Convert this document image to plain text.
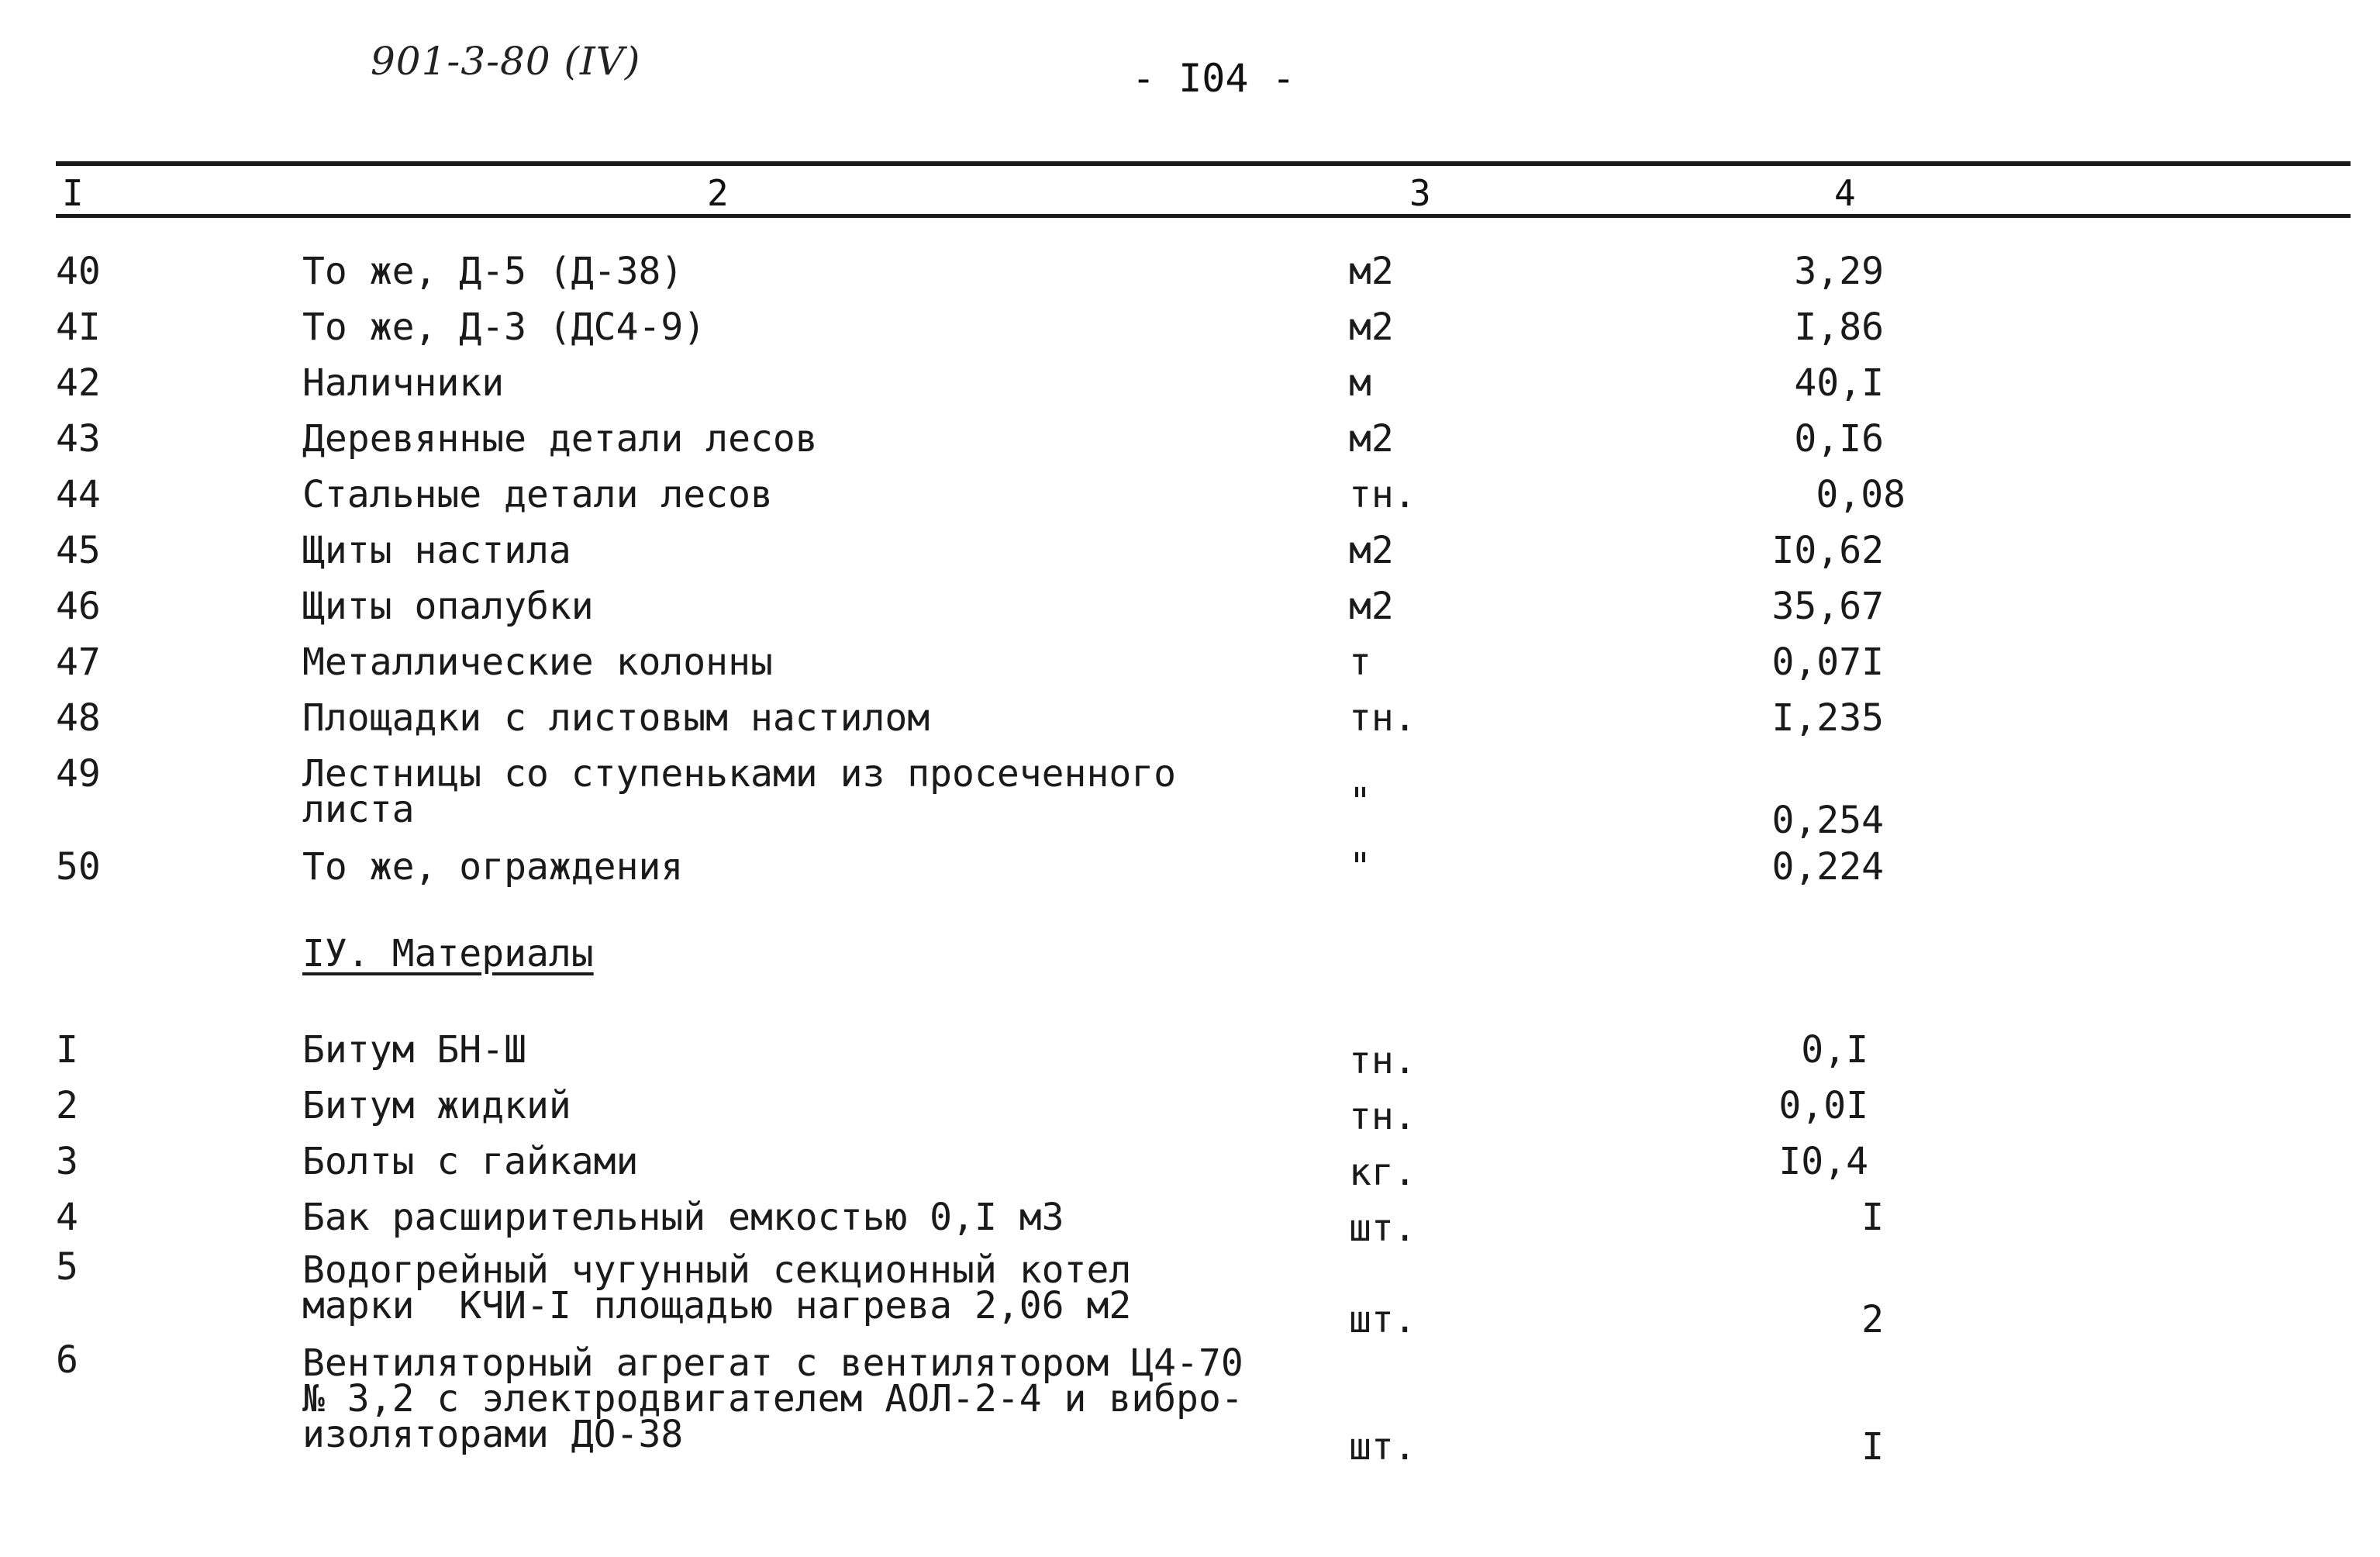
901-3-80 (IV)	- I04 -
I	2	3	4
40	То же, Д-5 (Д-38)	м2	3,29
4I	То же, Д-3 (ДС4-9)	м2	I,86
42	Наличники	м	40,I
43	Деревянные детали лесов	м2	0,I6
44	Стальные детали лесов	тн.	0,08
45	Щиты настила	м2	I0,62
46	Щиты опалубки	м2	35,67
47	Металлические колонны	т	0,07I
48	Площадки с листовым настилом	тн.	I,235
49	Лестницы со ступеньками из просеченного
листа	"	0,254
50	То же, ограждения	"	0,224
IУ. Материалы
I	Битум БН-Ш	тн.	0,I
2	Битум жидкий	тн.	0,0I
3	Болты с гайками	кг.	I0,4
4	Бак расширительный емкостью 0,I м3	шт.	I
5	Водогрейный чугунный секционный котел
марки  КЧИ-I площадью нагрева 2,06 м2	шт.	2
6	Вентиляторный агрегат с вентилятором Ц4-70
№ 3,2 с электродвигателем АОЛ-2-4 и вибро-
изоляторами ДО-38	шт.	I
